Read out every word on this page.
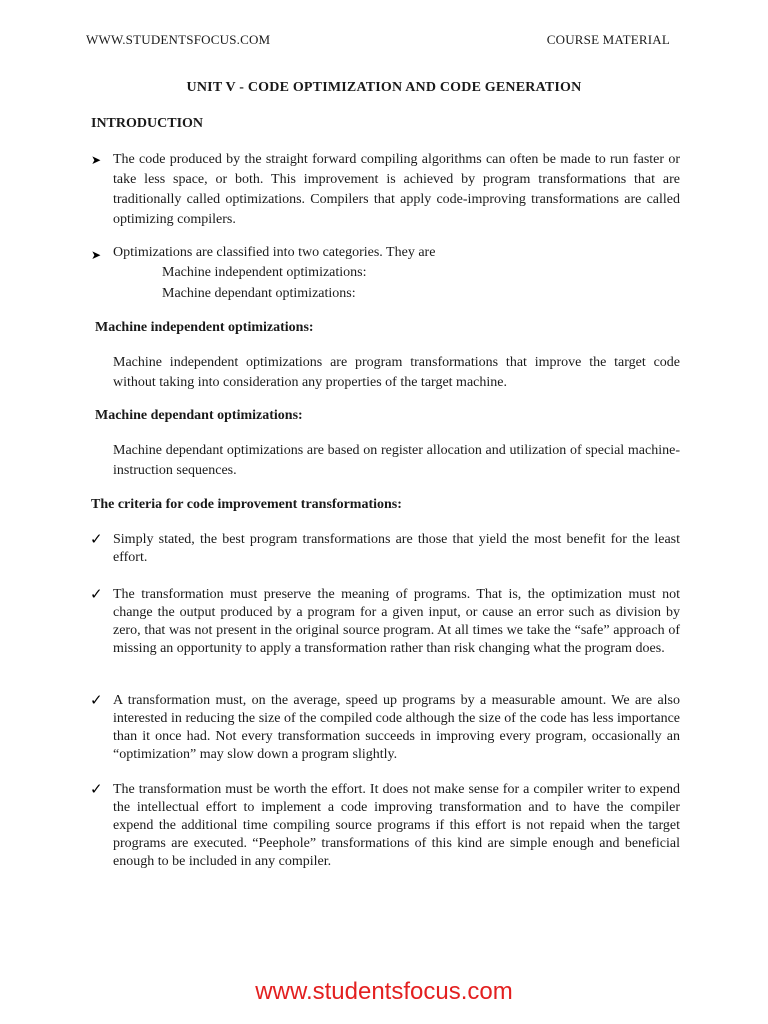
WWW.STUDENTSFOCUS.COM	COURSE MATERIAL
UNIT V - CODE OPTIMIZATION AND CODE GENERATION
INTRODUCTION
➤ The code produced by the straight forward compiling algorithms can often be made to run faster or take less space, or both. This improvement is achieved by program transformations that are traditionally called optimizations. Compilers that apply code-improving transformations are called optimizing compilers.
➤ Optimizations are classified into two categories. They are
Machine independent optimizations:
Machine dependant optimizations:
Machine independent optimizations:
Machine independent optimizations are program transformations that improve the target code without taking into consideration any properties of the target machine.
Machine dependant optimizations:
Machine dependant optimizations are based on register allocation and utilization of special machine-instruction sequences.
The criteria for code improvement transformations:
✓ Simply stated, the best program transformations are those that yield the most benefit for the least effort.
✓ The transformation must preserve the meaning of programs. That is, the optimization must not change the output produced by a program for a given input, or cause an error such as division by zero, that was not present in the original source program. At all times we take the “safe” approach of missing an opportunity to apply a transformation rather than risk changing what the program does.
✓ A transformation must, on the average, speed up programs by a measurable amount. We are also interested in reducing the size of the compiled code although the size of the code has less importance than it once had. Not every transformation succeeds in improving every program, occasionally an “optimization” may slow down a program slightly.
✓ The transformation must be worth the effort. It does not make sense for a compiler writer to expend the intellectual effort to implement a code improving transformation and to have the compiler expend the additional time compiling source programs if this effort is not repaid when the target programs are executed. “Peephole” transformations of this kind are simple enough and beneficial enough to be included in any compiler.
www.studentsfocus.com
